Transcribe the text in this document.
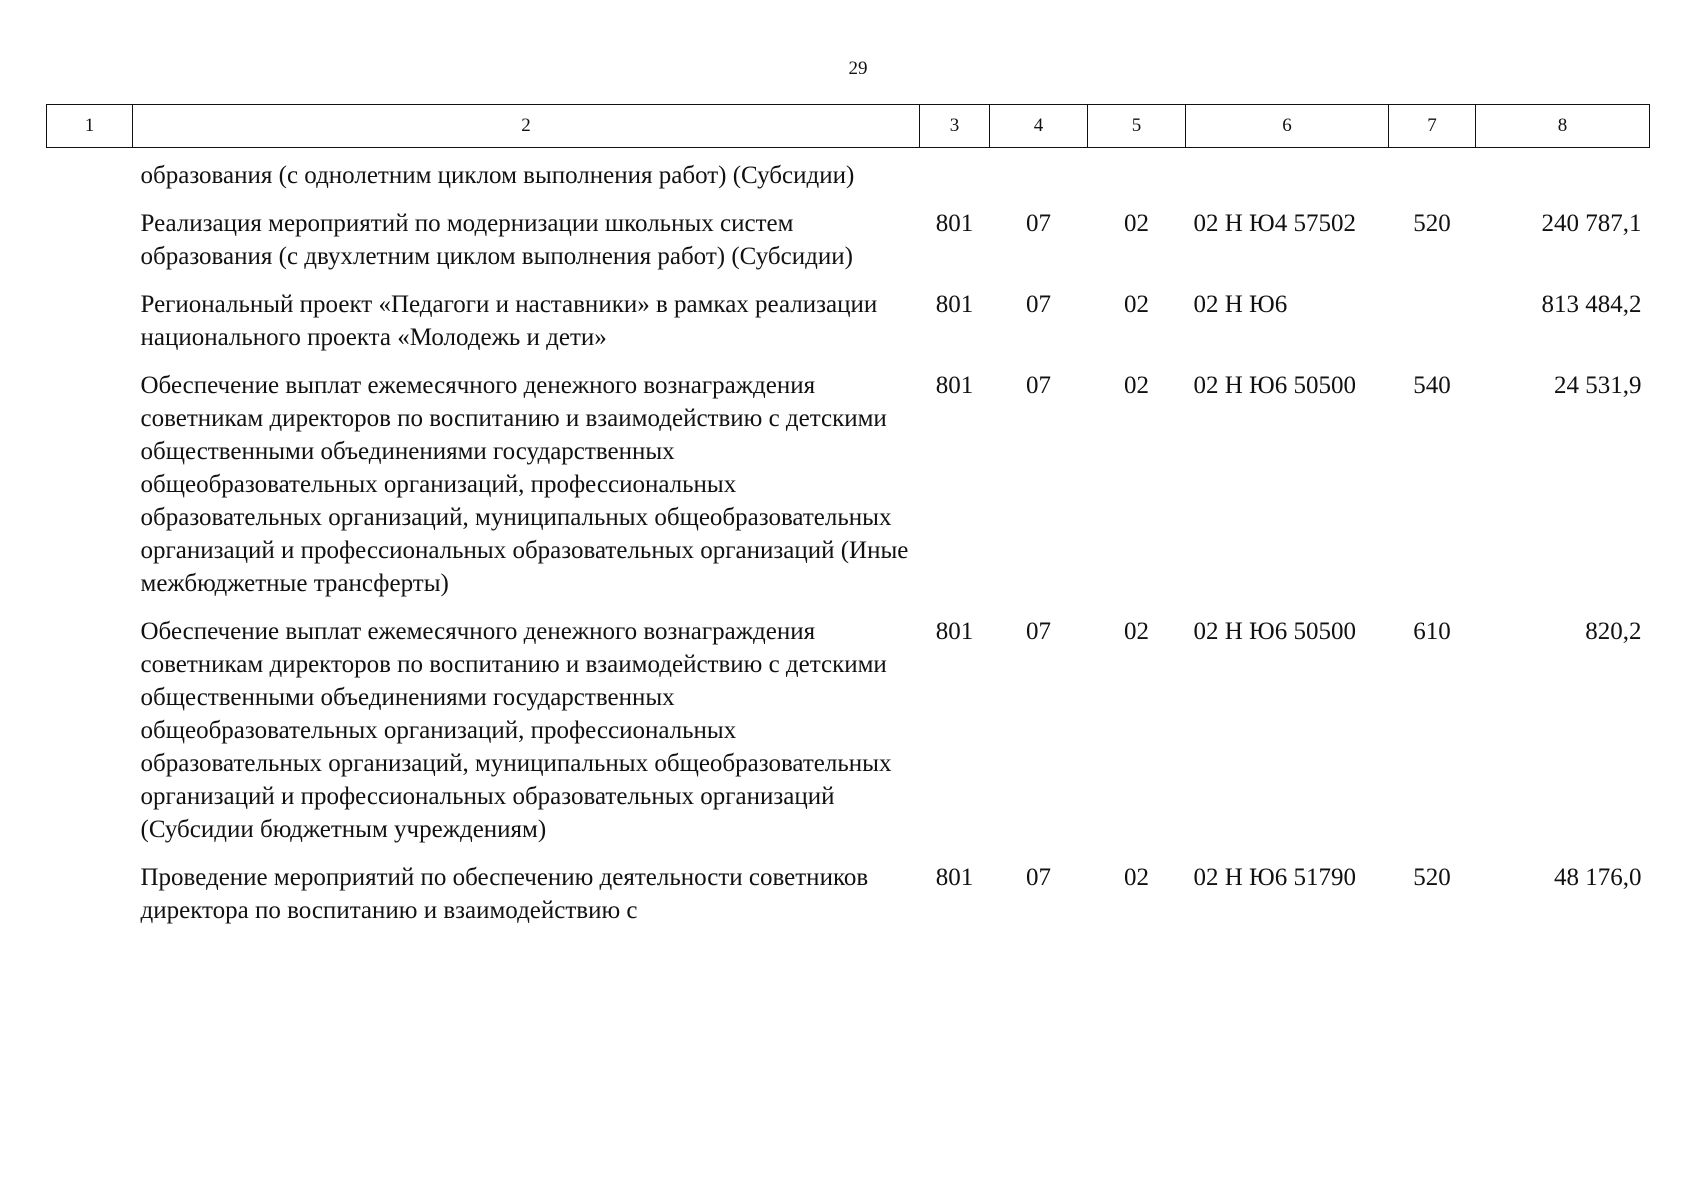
29
1	2	3	4	5	6	7	8
	образования (с однолетним циклом выполнения работ) (Субсидии)						
	Реализация мероприятий по модернизации школьных систем образования (с двухлетним циклом выполнения работ) (Субсидии)	801	07	02	02 Н Ю4 57502	520	240 787,1
	Региональный проект «Педагоги и наставники» в рамках реализации национального проекта «Молодежь и дети»	801	07	02	02 Н Ю6		813 484,2
	Обеспечение выплат ежемесячного денежного вознаграждения советникам директоров по воспитанию и взаимодействию с детскими общественными объединениями государственных общеобразовательных организаций, профессиональных образовательных организаций, муниципальных общеобразовательных организаций и профессиональных образовательных организаций (Иные межбюджетные трансферты)	801	07	02	02 Н Ю6 50500	540	24 531,9
	Обеспечение выплат ежемесячного денежного вознаграждения советникам директоров по воспитанию и взаимодействию с детскими общественными объединениями государственных общеобразовательных организаций, профессиональных образовательных организаций, муниципальных общеобразовательных организаций и профессиональных образовательных организаций (Субсидии бюджетным учреждениям)	801	07	02	02 Н Ю6 50500	610	820,2
	Проведение мероприятий по обеспечению деятельности советников директора по воспитанию и взаимодействию с	801	07	02	02 Н Ю6 51790	520	48 176,0
